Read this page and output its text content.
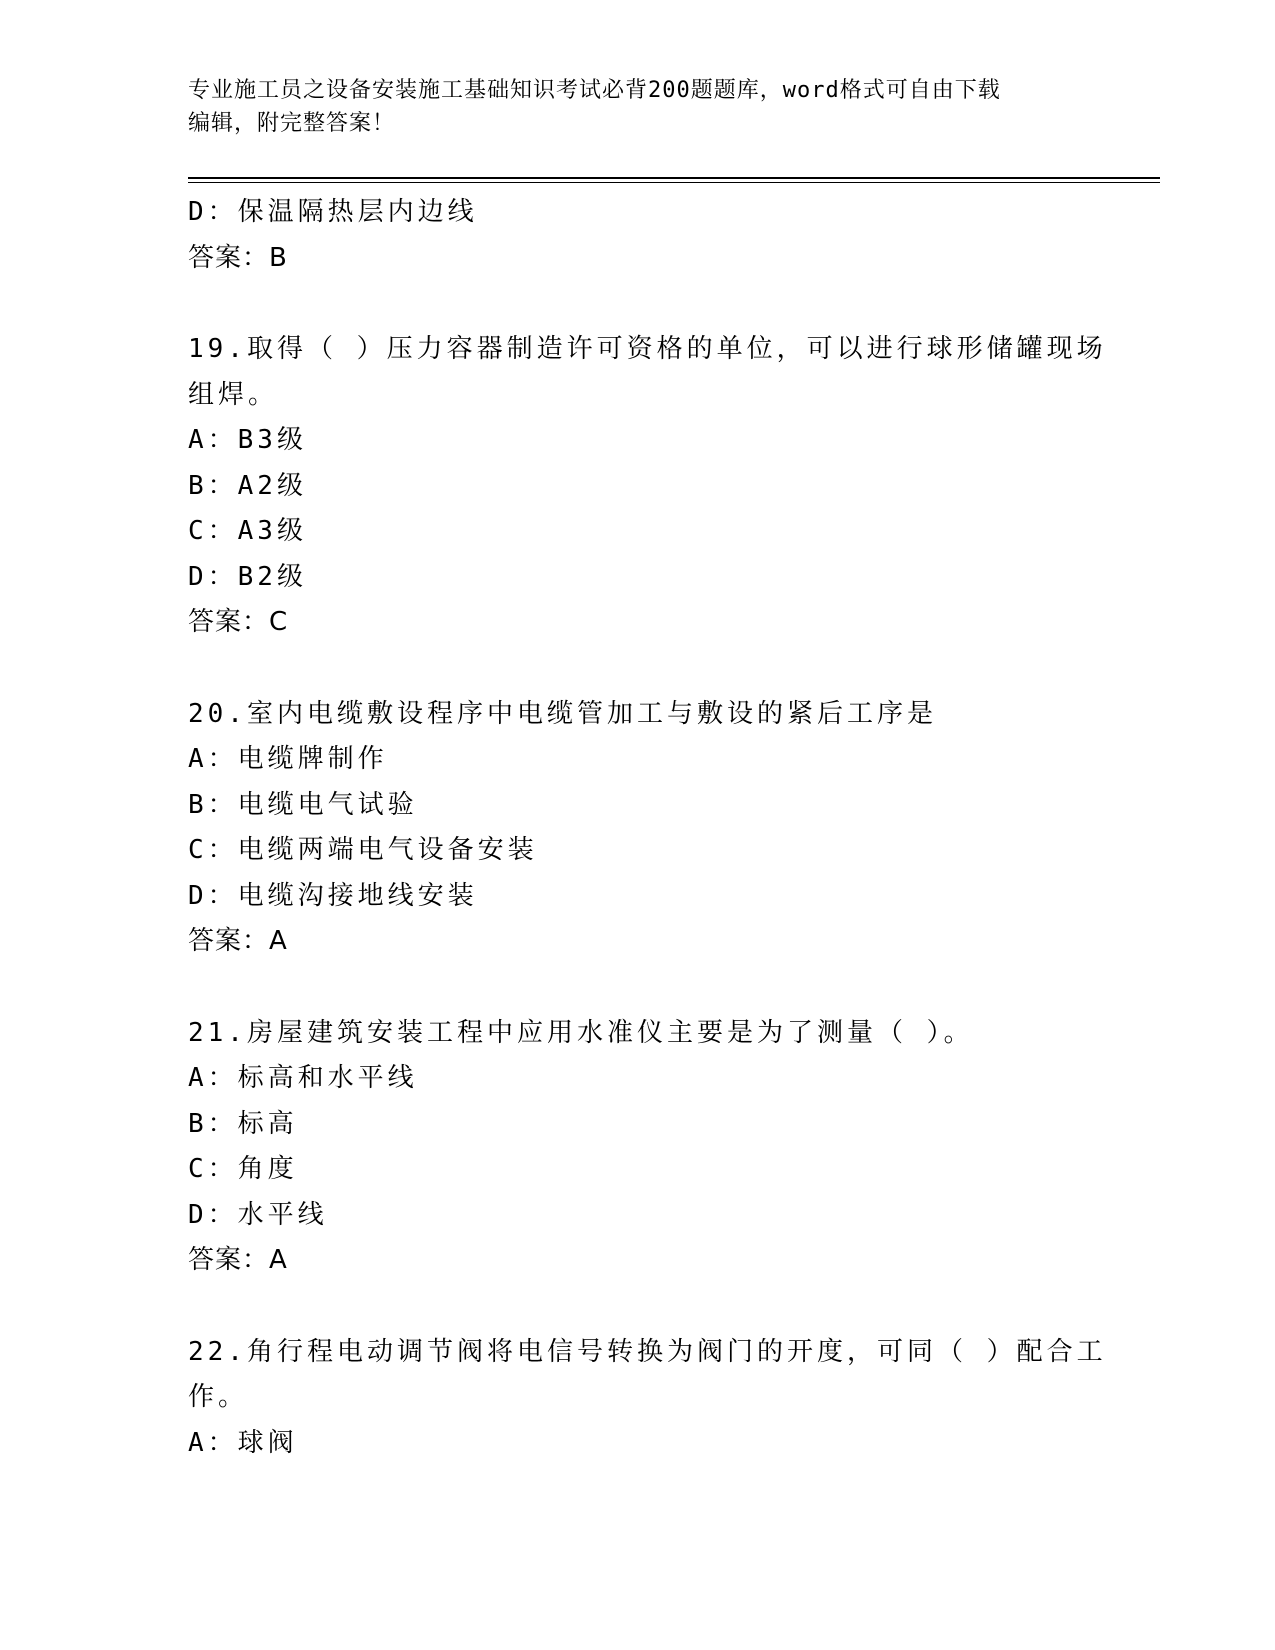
专业施工员之设备安装施工基础知识考试必背200题题库，word格式可自由下载
编辑，附完整答案！
D：保温隔热层内边线
答案：B
19.取得（ ）压力容器制造许可资格的单位，可以进行球形储罐现场
组焊。
A：B3级
B：A2级
C：A3级
D：B2级
答案：C
20.室内电缆敷设程序中电缆管加工与敷设的紧后工序是
A：电缆牌制作
B：电缆电气试验
C：电缆两端电气设备安装
D：电缆沟接地线安装
答案：A
21.房屋建筑安装工程中应用水准仪主要是为了测量（ ）。
A：标高和水平线
B：标高
C：角度
D：水平线
答案：A
22.角行程电动调节阀将电信号转换为阀门的开度，可同（ ）配合工
作。
A：球阀
